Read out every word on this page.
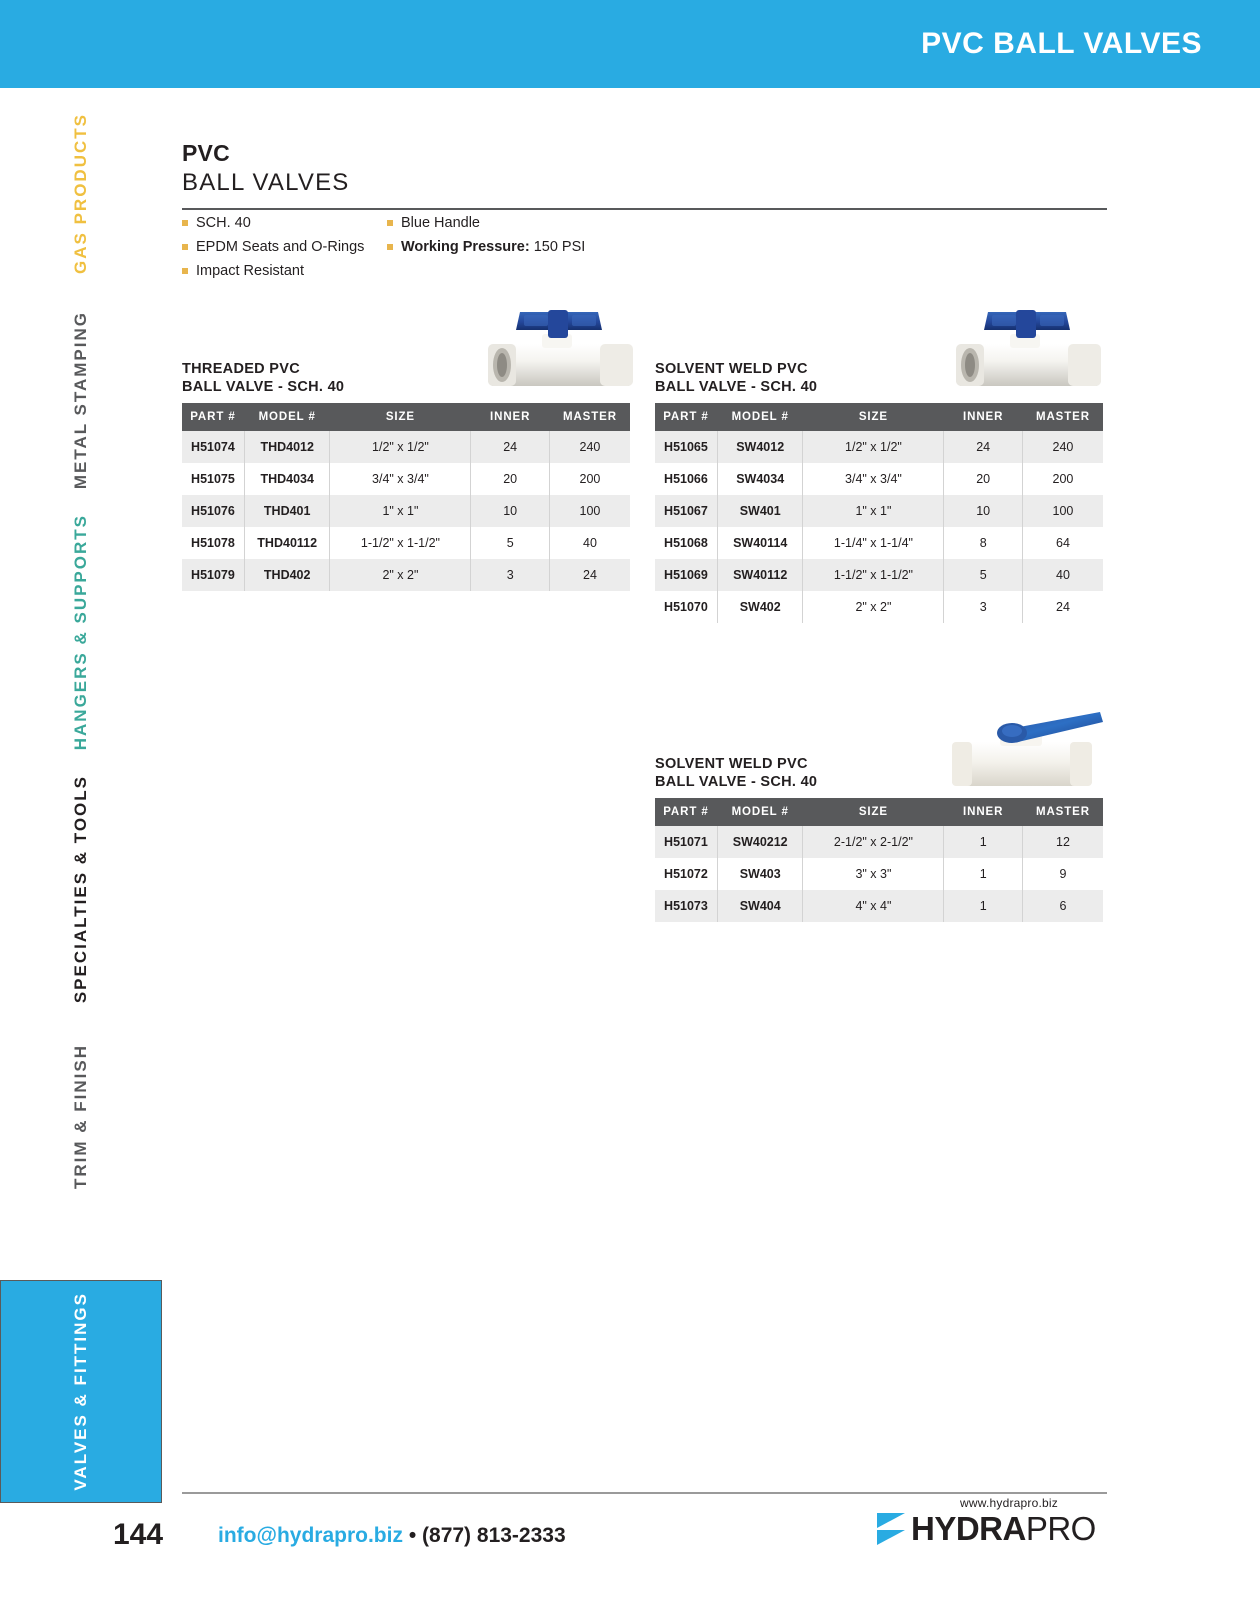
PVC BALL VALVES
GAS PRODUCTS
METAL STAMPING
HANGERS & SUPPORTS
SPECIALTIES & TOOLS
TRIM & FINISH
VALVES & FITTINGS
PVC
BALL VALVES
SCH. 40
EPDM Seats and O-Rings
Impact Resistant
Blue Handle
Working Pressure: 150 PSI
THREADED PVC
BALL VALVE - SCH. 40
PART #	MODEL #	SIZE	INNER	MASTER
H51074	THD4012	1/2" x 1/2"	24	240
H51075	THD4034	3/4" x 3/4"	20	200
H51076	THD401	1" x 1"	10	100
H51078	THD40112	1-1/2" x 1-1/2"	5	40
H51079	THD402	2" x 2"	3	24
SOLVENT WELD PVC
BALL VALVE - SCH. 40
PART #	MODEL #	SIZE	INNER	MASTER
H51065	SW4012	1/2" x 1/2"	24	240
H51066	SW4034	3/4" x 3/4"	20	200
H51067	SW401	1" x 1"	10	100
H51068	SW40114	1-1/4" x 1-1/4"	8	64
H51069	SW40112	1-1/2" x 1-1/2"	5	40
H51070	SW402	2" x 2"	3	24
SOLVENT WELD PVC
BALL VALVE - SCH. 40
PART #	MODEL #	SIZE	INNER	MASTER
H51071	SW40212	2-1/2" x 2-1/2"	1	12
H51072	SW403	3" x 3"	1	9
H51073	SW404	4" x 4"	1	6
144	info@hydrapro.biz • (877) 813-2333
www.hydrapro.biz
HYDRAPRO
